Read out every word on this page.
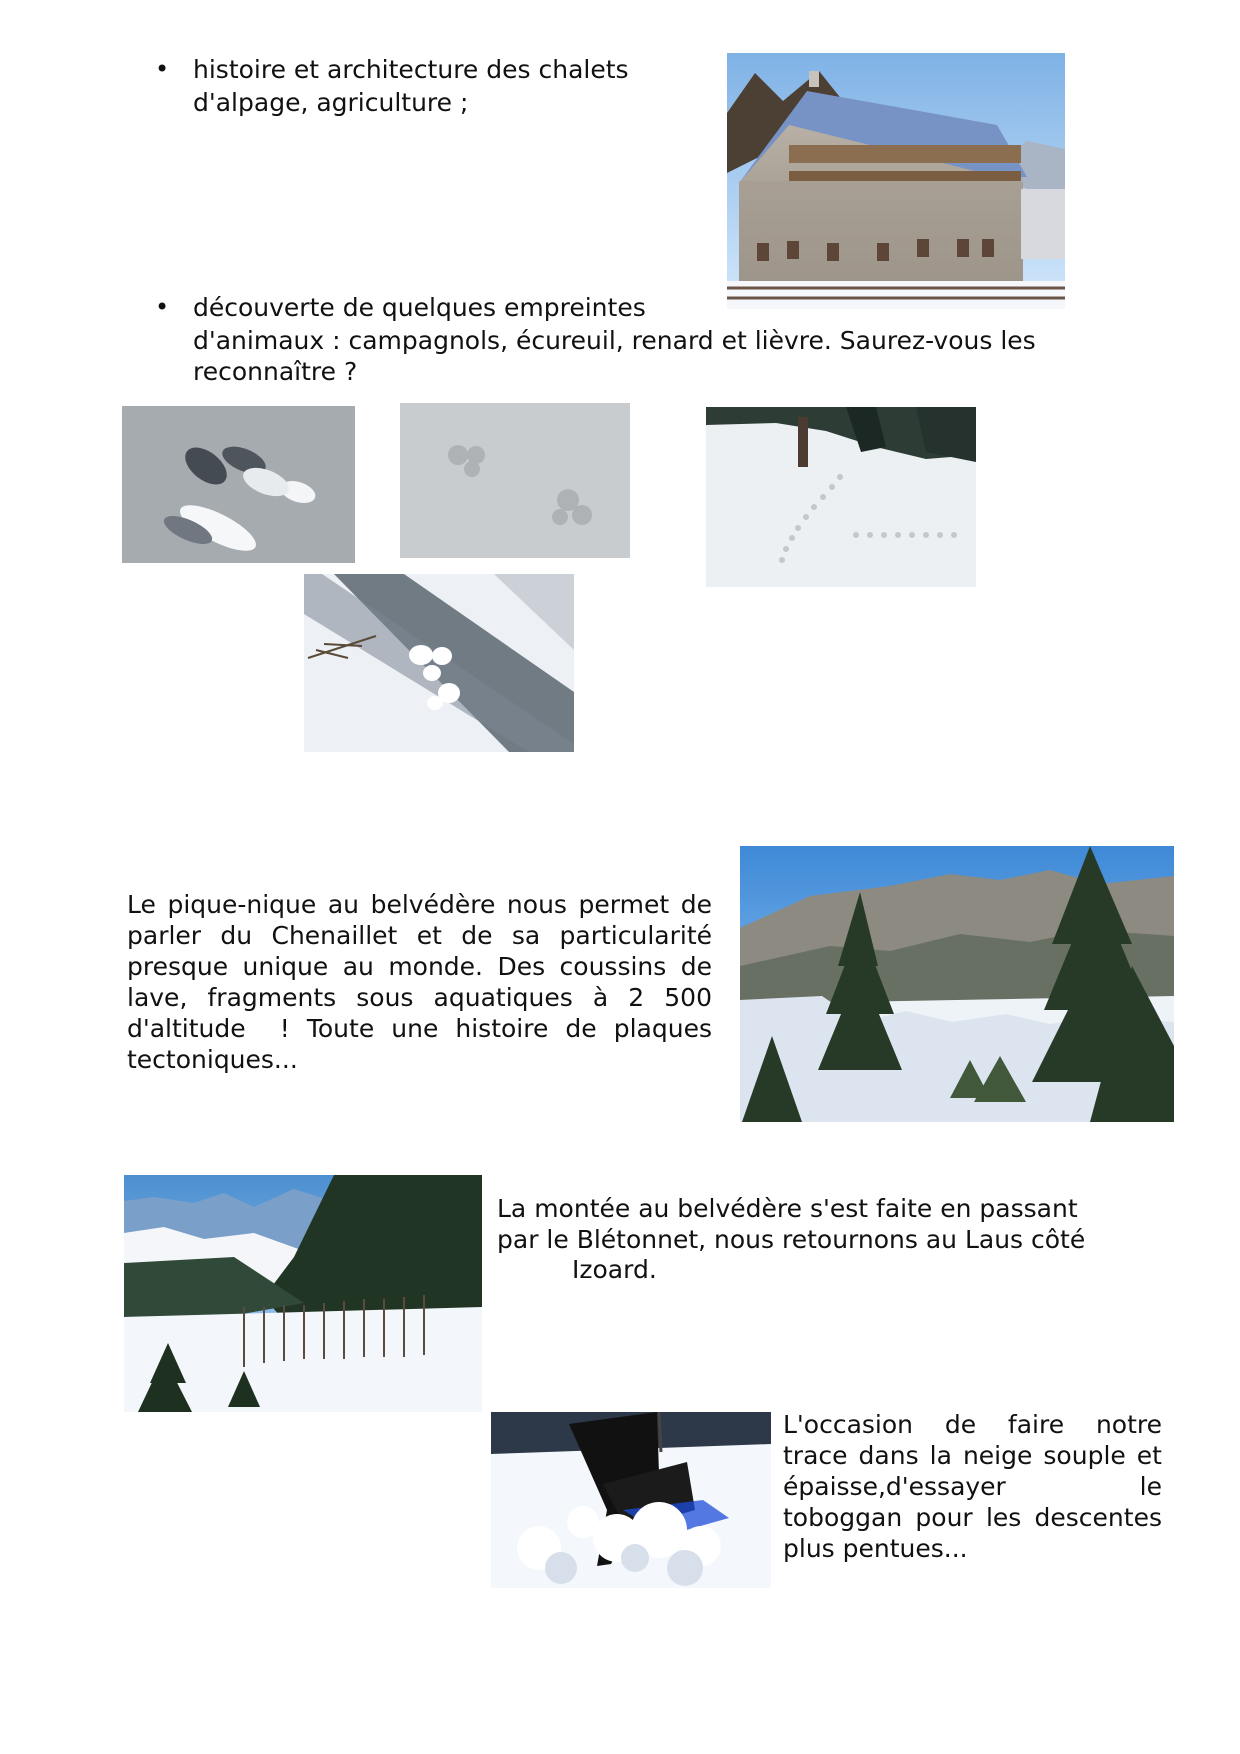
• histoire et architecture des chalets
d'alpage, agriculture ;
• découverte de quelques empreintes
d'animaux : campagnols, écureuil, renard et lièvre. Saurez-vous les
reconnaître ?
Le pique-nique au belvédère nous permet de parler du Chenaillet et de sa particularité presque unique au monde. Des coussins de lave, fragments sous aquatiques à 2 500 d'altitude  ! Toute une histoire de plaques tectoniques...
La montée au belvédère s'est faite en passant
par le Blétonnet, nous retournons au Laus côté
Izoard.
L'occasion de faire notre trace dans la neige souple et épaisse,d'essayer le toboggan pour les descentes plus pentues...
